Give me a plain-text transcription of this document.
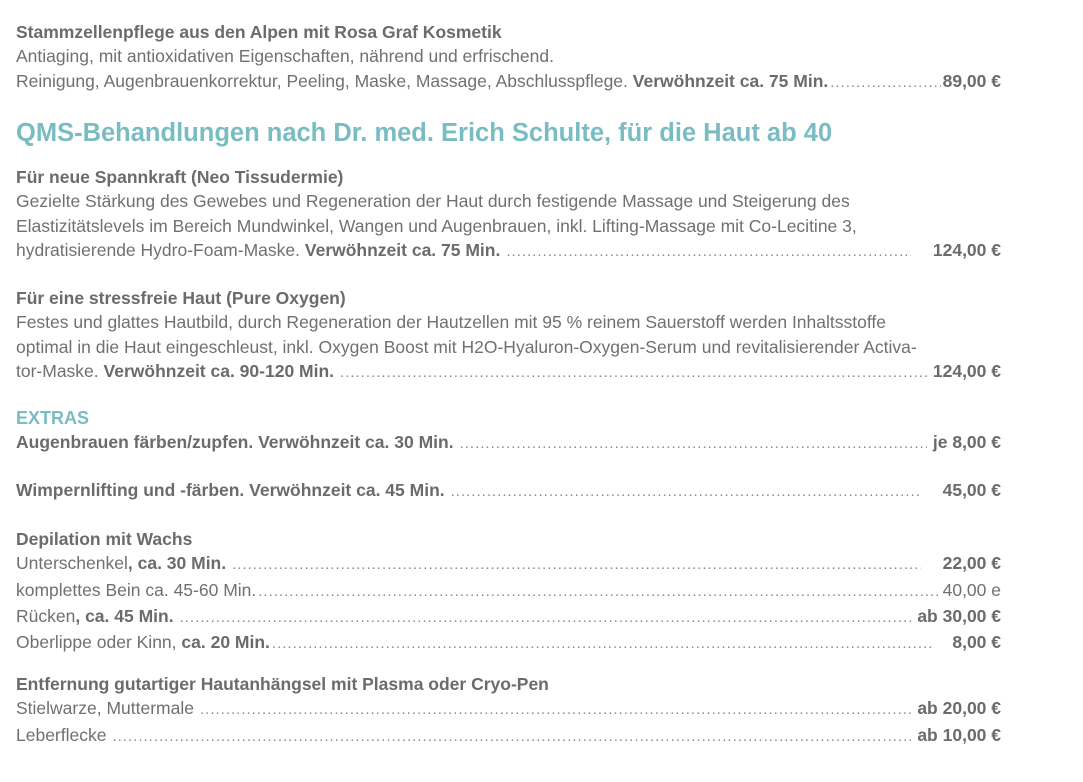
Stammzellenpflege aus den Alpen mit Rosa Graf Kosmetik
Antiaging, mit antioxidativen Eigenschaften, nährend und erfrischend.
Reinigung, Augenbrauenkorrektur, Peeling, Maske, Massage, Abschlusspflege. Verwöhnzeit ca. 75 Min. .....	89,00 €
QMS-Behandlungen nach Dr. med. Erich Schulte, für die Haut ab 40
Für neue Spannkraft (Neo Tissudermie)
Gezielte Stärkung des Gewebes und Regeneration der Haut durch festigende Massage und Steigerung des
Elastizitätslevels im Bereich Mundwinkel, Wangen und Augenbrauen, inkl. Lifting-Massage mit Co-Lecitine 3,
hydratisierende Hydro-Foam-Maske. Verwöhnzeit ca. 75 Min. .....	124,00 €
Für eine stressfreie Haut (Pure Oxygen)
Festes und glattes Hautbild, durch Regeneration der Hautzellen mit 95 % reinem Sauerstoff werden Inhaltsstoffe
optimal in die Haut eingeschleust, inkl. Oxygen Boost mit H2O-Hyaluron-Oxygen-Serum und revitalisierender Activa-
tor-Maske. Verwöhnzeit ca. 90-120 Min. .....	124,00 €
EXTRAS
Augenbrauen färben/zupfen. Verwöhnzeit ca. 30 Min. .....	je 8,00 €
Wimpernlifting und -färben. Verwöhnzeit ca. 45 Min. .....	45,00 €
Depilation mit Wachs
Unterschenkel, ca. 30 Min. .....	22,00 €
komplettes Bein ca. 45-60 Min. .....	40,00 e
Rücken, ca. 45 Min. .....	ab 30,00 €
Oberlippe oder Kinn, ca. 20 Min. .....	8,00 €
Entfernung gutartiger Hautanhängsel mit Plasma oder Cryo-Pen
Stielwarze, Muttermale .....	ab 20,00 €
Leberflecke .....	ab 10,00 €
